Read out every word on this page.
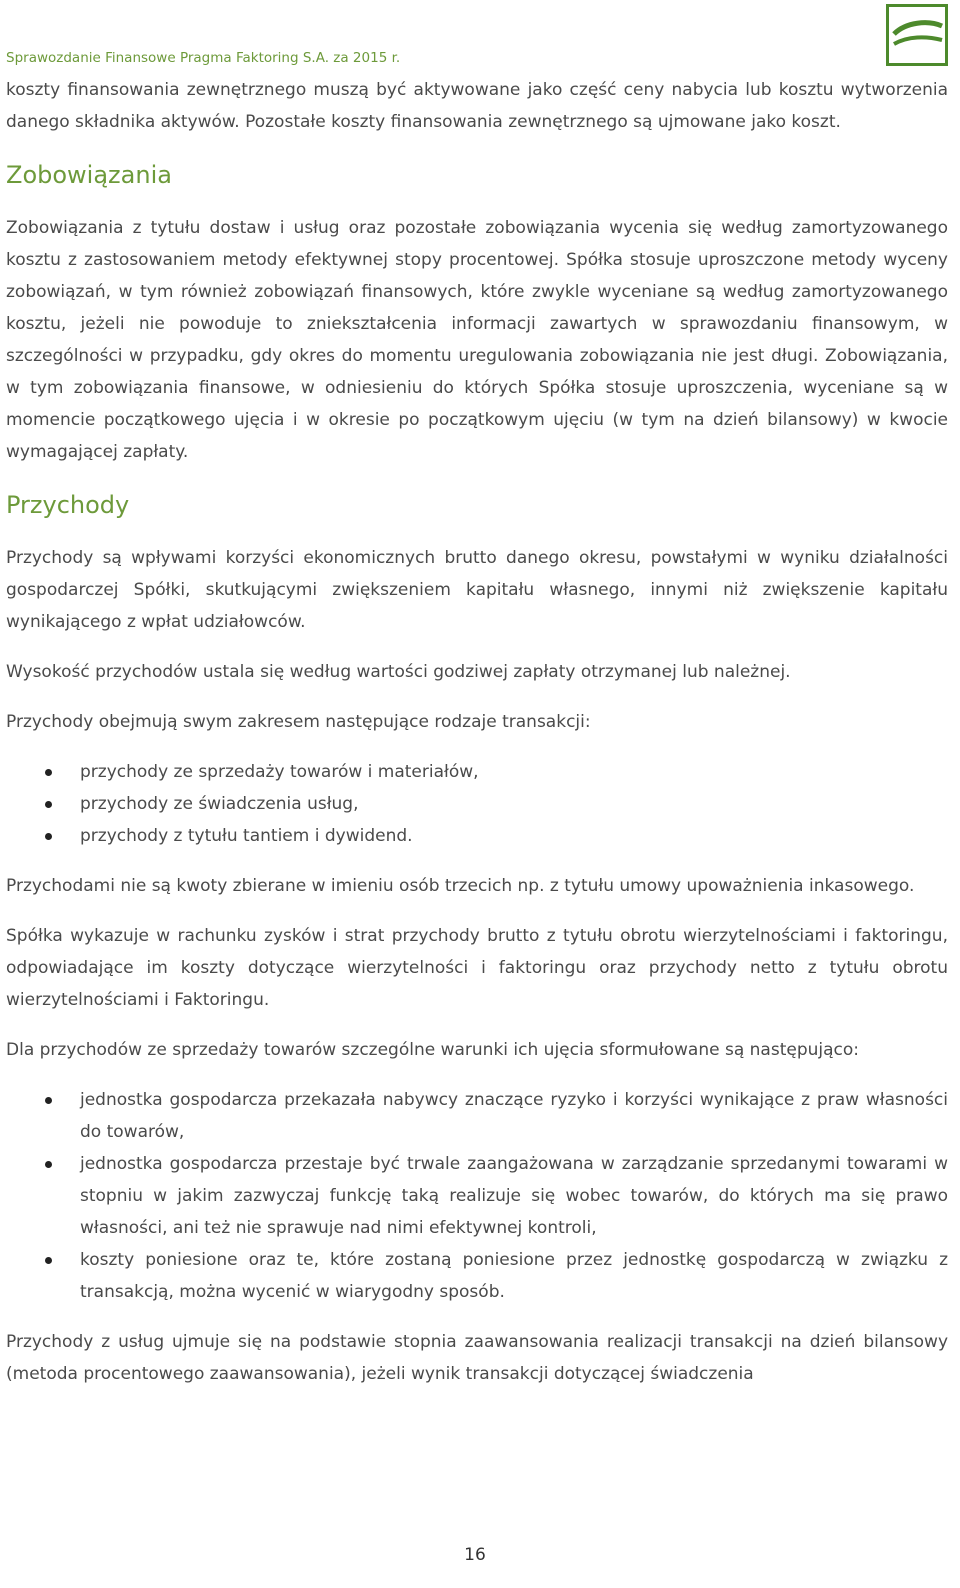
Sprawozdanie Finansowe Pragma Faktoring S.A. za 2015 r.

koszty finansowania zewnętrznego muszą być aktywowane jako część ceny nabycia lub kosztu wytworzenia danego składnika aktywów. Pozostałe koszty finansowania zewnętrznego są ujmowane jako koszt.

Zobowiązania

Zobowiązania z tytułu dostaw i usług oraz pozostałe zobowiązania wycenia się według zamortyzowanego kosztu z zastosowaniem metody efektywnej stopy procentowej. Spółka stosuje uproszczone metody wyceny zobowiązań, w tym również zobowiązań finansowych, które zwykle wyceniane są według zamortyzowanego kosztu, jeżeli nie powoduje to zniekształcenia informacji zawartych w sprawozdaniu finansowym, w szczególności w przypadku, gdy okres do momentu uregulowania zobowiązania nie jest długi. Zobowiązania, w tym zobowiązania finansowe, w odniesieniu do których Spółka stosuje uproszczenia, wyceniane są w momencie początkowego ujęcia i w okresie po początkowym ujęciu (w tym na dzień bilansowy) w kwocie wymagającej zapłaty.

Przychody

Przychody są wpływami korzyści ekonomicznych brutto danego okresu, powstałymi w wyniku działalności gospodarczej Spółki, skutkującymi zwiększeniem kapitału własnego, innymi niż zwiększenie kapitału wynikającego z wpłat udziałowców.

Wysokość przychodów ustala się według wartości godziwej zapłaty otrzymanej lub należnej.

Przychody obejmują swym zakresem następujące rodzaje transakcji:

przychody ze sprzedaży towarów i materiałów,
przychody ze świadczenia usług,
przychody z tytułu tantiem i dywidend.

Przychodami nie są kwoty zbierane w imieniu osób trzecich np. z tytułu umowy upoważnienia inkasowego.

Spółka wykazuje w rachunku zysków i strat przychody brutto z tytułu obrotu wierzytelnościami i faktoringu, odpowiadające im koszty dotyczące wierzytelności i faktoringu oraz przychody netto z tytułu obrotu wierzytelnościami i Faktoringu.

Dla przychodów ze sprzedaży towarów szczególne warunki ich ujęcia sformułowane są następująco:

jednostka gospodarcza przekazała nabywcy znaczące ryzyko i korzyści wynikające z praw własności do towarów,
jednostka gospodarcza przestaje być trwale zaangażowana w zarządzanie sprzedanymi towarami w stopniu w jakim zazwyczaj funkcję taką realizuje się wobec towarów, do których ma się prawo własności, ani też nie sprawuje nad nimi efektywnej kontroli,
koszty poniesione oraz te, które zostaną poniesione przez jednostkę gospodarczą w związku z transakcją, można wycenić w wiarygodny sposób.

Przychody z usług ujmuje się na podstawie stopnia zaawansowania realizacji transakcji na dzień bilansowy (metoda procentowego zaawansowania), jeżeli wynik transakcji dotyczącej świadczenia

16
